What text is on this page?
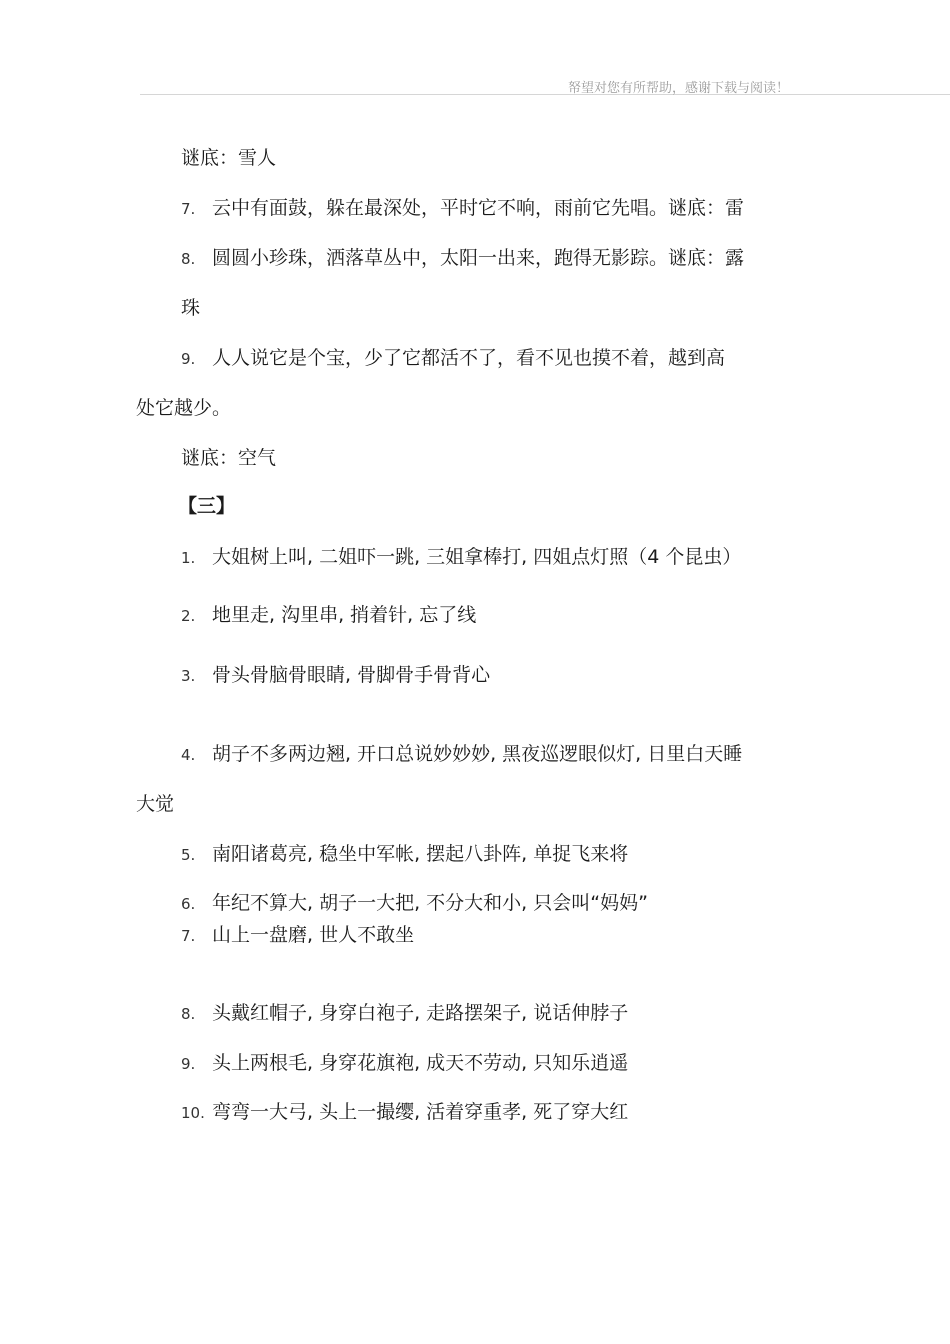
帑望对您有所帮助，感谢下载与阅读！
谜底：雪人
7. 云中有面鼓，躲在最深处，平时它不响，雨前它先唱。谜底：雷
8. 圆圆小珍珠，洒落草丛中，太阳一出来，跑得无影踪。谜底：露
珠
9. 人人说它是个宝，少了它都活不了，看不见也摸不着，越到高
处它越少。
谜底：空气
【三】
1. 大姐树上叫, 二姐吓一跳, 三姐拿棒打, 四姐点灯照（4 个昆虫）
2. 地里走, 沟里串, 捎着针, 忘了线
3. 骨头骨脑骨眼睛, 骨脚骨手骨背心
4. 胡子不多两边翘, 开口总说妙妙妙, 黑夜巡逻眼似灯, 日里白天睡
大觉
5. 南阳诸葛亮, 稳坐中军帐, 摆起八卦阵, 单捉飞来将
6. 年纪不算大, 胡子一大把, 不分大和小, 只会叫“妈妈”
7. 山上一盘磨, 世人不敢坐
8. 头戴红帽子, 身穿白袍子, 走路摆架子, 说话伸脖子
9. 头上两根毛, 身穿花旗袍, 成天不劳动, 只知乐逍遥
10. 弯弯一大弓, 头上一撮缨, 活着穿重孝, 死了穿大红
